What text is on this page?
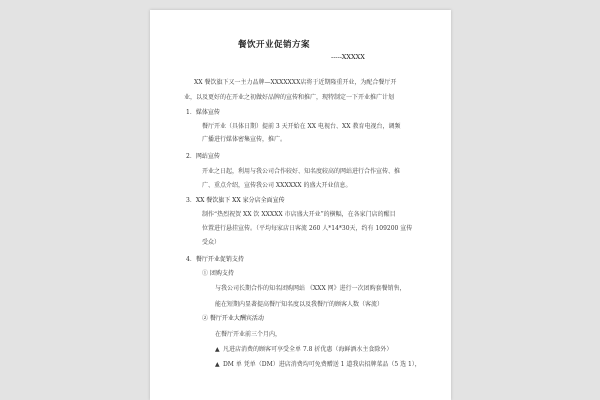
餐饮开业促销方案
-----XXXXX
XX 餐饮旗下又一主力品牌—XXXXXXX店将于近期隆重开业，为配合餐厅开
业，以及更好的在开业之初做好品牌的宣传和推广，现特制定一下开业推广计划
1．媒体宣传
餐厅开业（具体日期）提前 3 天开始在 XX 电视台、XX 教育电视台，调频
广播进行媒体密集宣传，推广。
2．网站宣传
开业之日起，利用与我公司合作较好、知名度较高的网站进行合作宣传、推
广、重点介绍，宣传我公司 XXXXXX 的盛大开业信息。
3．XX 餐饮旗下 XX 家分店全面宣传
制作“热烈祝贺 XX 饮 XXXXX 市店盛大开业”的横幅，在各家门店的醒目
位置进行悬挂宣传。（平均每家店日客流 260 人*14*30天，约有 109200 宣传
受众）
4．餐厅开业促销支持
① 团购支持
与我公司长期合作的知名团购网站 《XXX 网》进行一次团购套餐销售，
能在短期内显著提高餐厅知名度以及我餐厅的顾客人数（客流）
② 餐厅开业大酬宾活动
在餐厅开业前三个月内，
▲ 凡进店消费的顾客可享受全单 7.8 折优惠（海鲜酒水主食除外）
▲ DM 单 凭单（DM）进店消费均可免费赠送 1 道我店招牌菜品（5 选 1），
